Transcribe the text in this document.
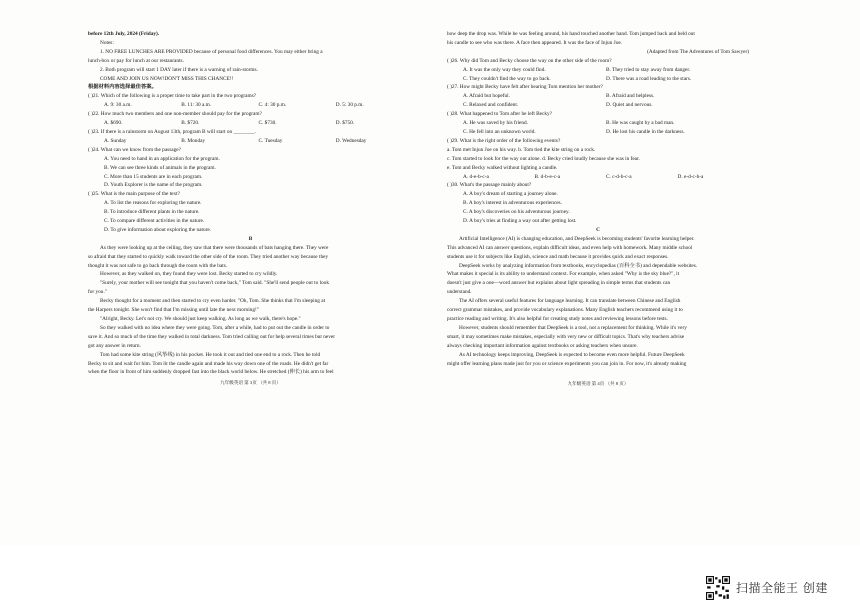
before 12th July, 2024 (Friday).
Notes:
1. NO FREE LUNCHES ARE PROVIDED because of personal food differences. You may either bring a
lunch-box or pay for lunch at our restaurants.
2. Both program will start 1 DAY later if there is a warning of rain-storms.
COME AND JOIN US NOW!DON'T MISS THIS CHANCE!!
根据材料内容选择最佳答案。
( )21. Which of the following is a proper time to take part in the two programs?
A. 9: 30 a.m.	B. 11: 30 a.m.	C. 4: 30 p.m.	D. 5: 30 p.m.
( )22. How much two members and one non-member should pay for the program?
A. $690.	B. $720.	C. $730.	D. $750.
( )23. If there is a rainstorm on August 13th, program B will start on ________.
A. Sunday	B. Monday	C. Tuesday	D. Wednesday
( )24. What can we know from the passage?
A. You need to hand in an application for the program.
B. We can see three kinds of animals in the program.
C. More than 15 students are in each program.
D. Youth Explorer is the name of the program.
( )25. What is the main purpose of the text?
A. To list the reasons for exploring the nature.
B. To introduce different plants in the nature.
C. To compare different activities in the nature.
D. To give information about exploring the nature.
B
As they were looking up at the ceiling, they saw that there were thousands of bats hanging there. They were
so afraid that they started to quickly walk toward the other side of the room. They tried another way because they
thought it was not safe to go back through the room with the bats.
However, as they walked on, they found they were lost. Becky started to cry wildly.
"Surely, your mother will see tonight that you haven't come back," Tom said. "She'll send people out to look
for you."
Becky thought for a moment and then started to cry even harder. "Oh, Tom. She thinks that I'm sleeping at
the Harpers tonight. She won't find that I'm missing until late the next morning!"
"Alright, Becky. Let's not cry. We should just keep walking. As long as we walk, there's hope."
So they walked with no idea where they were going. Tom, after a while, had to put out the candle in order to
save it. And so much of the time they walked in total darkness. Tom tried calling out for help several times but never
got any answer in return.
Tom had some kite string (风筝线) in his pocket. He took it out and tied one end to a rock. Then he told
Becky to sit and wait for him. Tom lit the candle again and made his way down one of the roads. He didn't get far
when the floor in front of him suddenly dropped fast into the black world below. He stretched (伸长) his arm to feel
九年级英语 第 3页 （共 8 页）
how deep the drop was. While he was feeling around, his hand touched another hand. Tom jumped back and held out
his candle to see who was there. A face then appeared. It was the face of Injun Joe.
(Adapted from The Adventures of Tom Sawyer)
( )26. Why did Tom and Becky choose the way on the other side of the room?
A. It was the only way they could find.	B. They tried to stay away from danger.
C. They couldn't find the way to go back.	D. There was a road leading to the stars.
( )27. How might Becky have felt after hearing Tom mention her mother?
A. Afraid but hopeful.	B. Afraid and helpless.
C. Relaxed and confident.	D. Quiet and nervous.
( )28. What happened to Tom after he left Becky?
A. He was saved by his friend.	B. He was caught by a bad man.
C. He fell into an unknown world.	D. He lost his candle in the darkness.
( )29. What is the right order of the following events?
a. Tom met Injun Joe on his way. b. Tom tied the kite string on a rock.
c. Tom started to look for the way out alone. d. Becky cried loudly because she was in fear.
e. Tom and Becky walked without lighting a candle.
A. d-e-b-c-a	B. d-b-e-c-a	C. c-d-b-c-a	D. e-d-c-b-a
( )30. What's the passage mainly about?
A. A boy's dream of starting a journey alone.
B. A boy's interest in adventurous experiences.
C. A boy's discoveries on his adventurous journey.
D. A boy's tries at finding a way out after getting lost.
C
Artificial Intelligence (AI) is changing education, and DeepSeek is becoming students' favorite learning helper.
This advanced AI can answer questions, explain difficult ideas, and even help with homework. Many middle school
students use it for subjects like English, science and math because it provides quick and exact responses.
DeepSeek works by analyzing information from textbooks, encyclopedias (百科全书) and dependable websites.
What makes it special is its ability to understand context. For example, when asked "Why is the sky blue?", it
doesn't just give a one—word answer but explains about light spreading in simple terms that students can
understand.
The AI offers several useful features for language learning. It can translate between Chinese and English
correct grammar mistakes, and provide vocabulary explanations. Many English teachers recommend using it to
practice reading and writing. It's also helpful for creating study notes and reviewing lessons before tests.
However, students should remember that DeepSeek is a tool, not a replacement for thinking. While it's very
smart, it may sometimes make mistakes, especially with very new or difficult topics. That's why teachers advise
always checking important information against textbooks or asking teachers when unsure.
As AI technology keeps improving, DeepSeek is expected to become even more helpful. Future DeepSeek
might offer learning plans made just for you or science experiments you can join in. For now, it's already making
九年级英语 第 4页 （共 8 页）
扫描全能王 创建
